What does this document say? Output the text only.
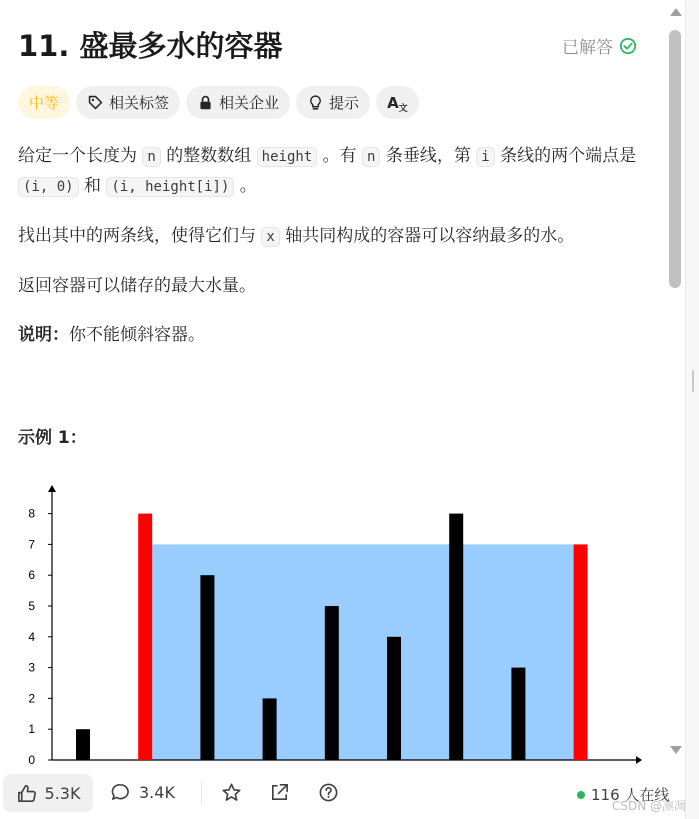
11. 盛最多水的容器	已解答
中等	相关标签	相关企业	提示 $A_文$

给定一个长度为 n 的整数数组 height 。有 n 条垂线，第 i 条线的两个端点是 (i, 0) 和 (i, height[i]) 。

找出其中的两条线，使得它们与 x 轴共同构成的容器可以容纳最多的水。

返回容器可以储存的最大水量。

说明：你不能倾斜容器。

示例 1：
0
1
2
3
4
5
6
7
8
5.3K	3.4K	116 人在线
CSDN @凛凋
